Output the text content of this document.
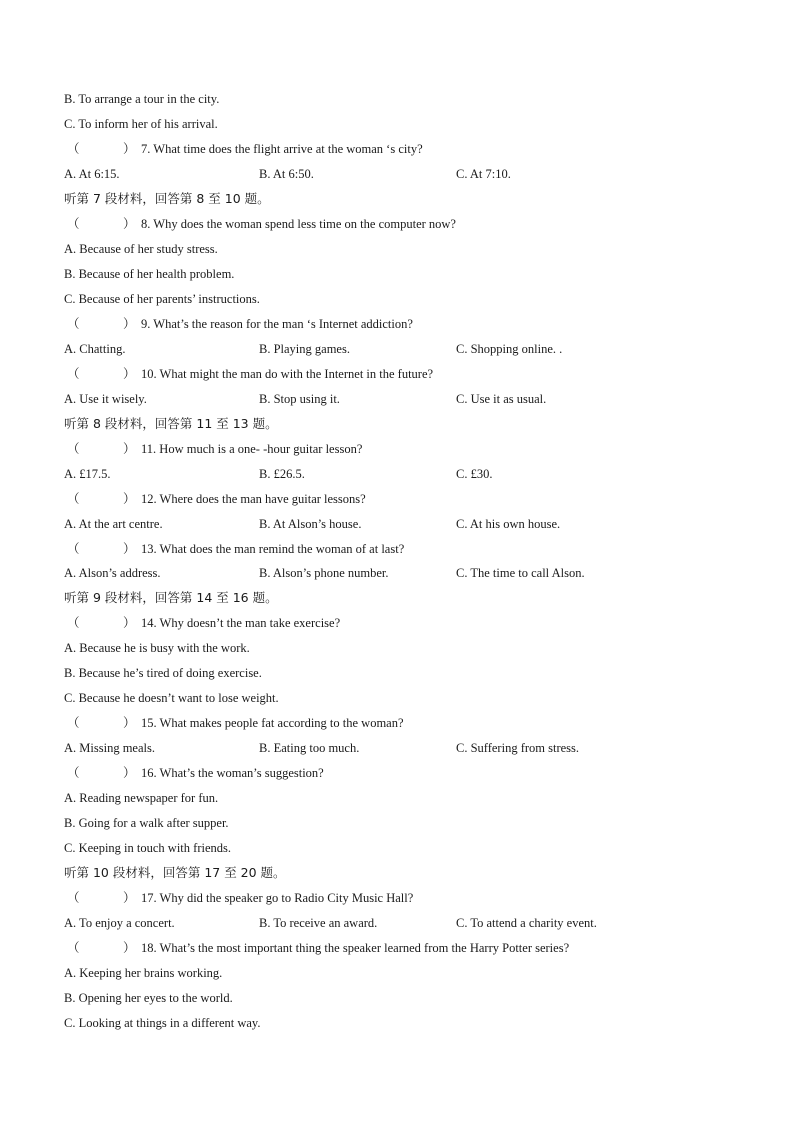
B. To arrange a tour in the city.
C. To inform her of his arrival.
（	） 7. What time does the flight arrive at the woman ‘s city?
A. At 6:15.	B. At 6:50.	C. At 7:10.
听第 7 段材料，回答第 8 至 10 题。
（	） 8. Why does the woman spend less time on the computer now?
A. Because of her study stress.
B. Because of her health problem.
C. Because of her parents’ instructions.
（	） 9. What’s the reason for the man ‘s Internet addiction?
A. Chatting.	B. Playing games.	C. Shopping online. .
（	） 10. What might the man do with the Internet in the future?
A. Use it wisely.	B. Stop using it.	C. Use it as usual.
听第 8 段材料，回答第 11 至 13 题。
（	） 11. How much is a one- -hour guitar lesson?
A. £17.5.	B. £26.5.	C. £30.
（	） 12. Where does the man have guitar lessons?
A. At the art centre.	B. At Alson’s house.	C. At his own house.
（	） 13. What does the man remind the woman of at last?
A. Alson’s address.	B. Alson’s phone number.	C. The time to call Alson.
听第 9 段材料，回答第 14 至 16 题。
（	） 14. Why doesn’t the man take exercise?
A. Because he is busy with the work.
B. Because he’s tired of doing exercise.
C. Because he doesn’t want to lose weight.
（	） 15. What makes people fat according to the woman?
A. Missing meals.	B. Eating too much.	C. Suffering from stress.
（	） 16. What’s the woman’s suggestion?
A. Reading newspaper for fun.
B. Going for a walk after supper.
C. Keeping in touch with friends.
听第 10 段材料，回答第 17 至 20 题。
（	） 17. Why did the speaker go to Radio City Music Hall?
A. To enjoy a concert.	B. To receive an award.	C. To attend a charity event.
（	） 18. What’s the most important thing the speaker learned from the Harry Potter series?
A. Keeping her brains working.
B. Opening her eyes to the world.
C. Looking at things in a different way.
